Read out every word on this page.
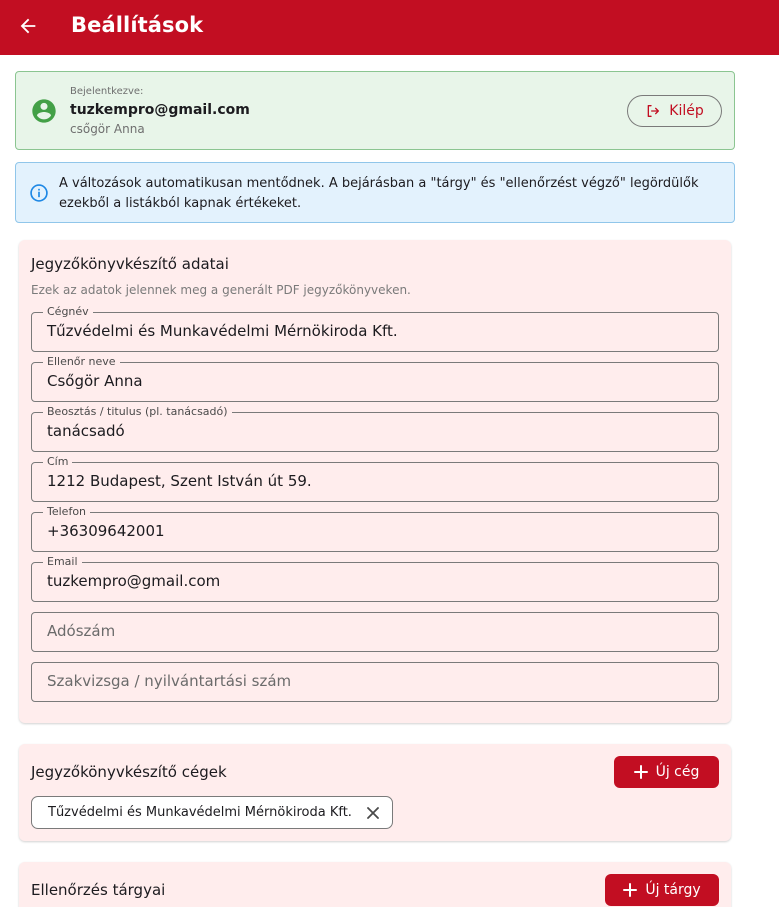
Beállítások
Bejelentkezve:
tuzkempro@gmail.com
csőgör Anna
Kilép
A változások automatikusan mentődnek. A bejárásban a "tárgy" és "ellenőrzést végző" legördülők ezekből a listákból kapnak értékeket.
Jegyzőkönyvkészítő adatai
Ezek az adatok jelennek meg a generált PDF jegyzőkönyveken.
Cégnév
Tűzvédelmi és Munkavédelmi Mérnökiroda Kft.
Ellenőr neve
Csőgör Anna
Beosztás / titulus (pl. tanácsadó)
tanácsadó
Cím
1212 Budapest, Szent István út 59.
Telefon
+36309642001
Email
tuzkempro@gmail.com
Adószám
Szakvizsga / nyilvántartási szám
Jegyzőkönyvkészítő cégek	Új cég
Tűzvédelmi és Munkavédelmi Mérnökiroda Kft.
Ellenőrzés tárgyai	Új tárgy
